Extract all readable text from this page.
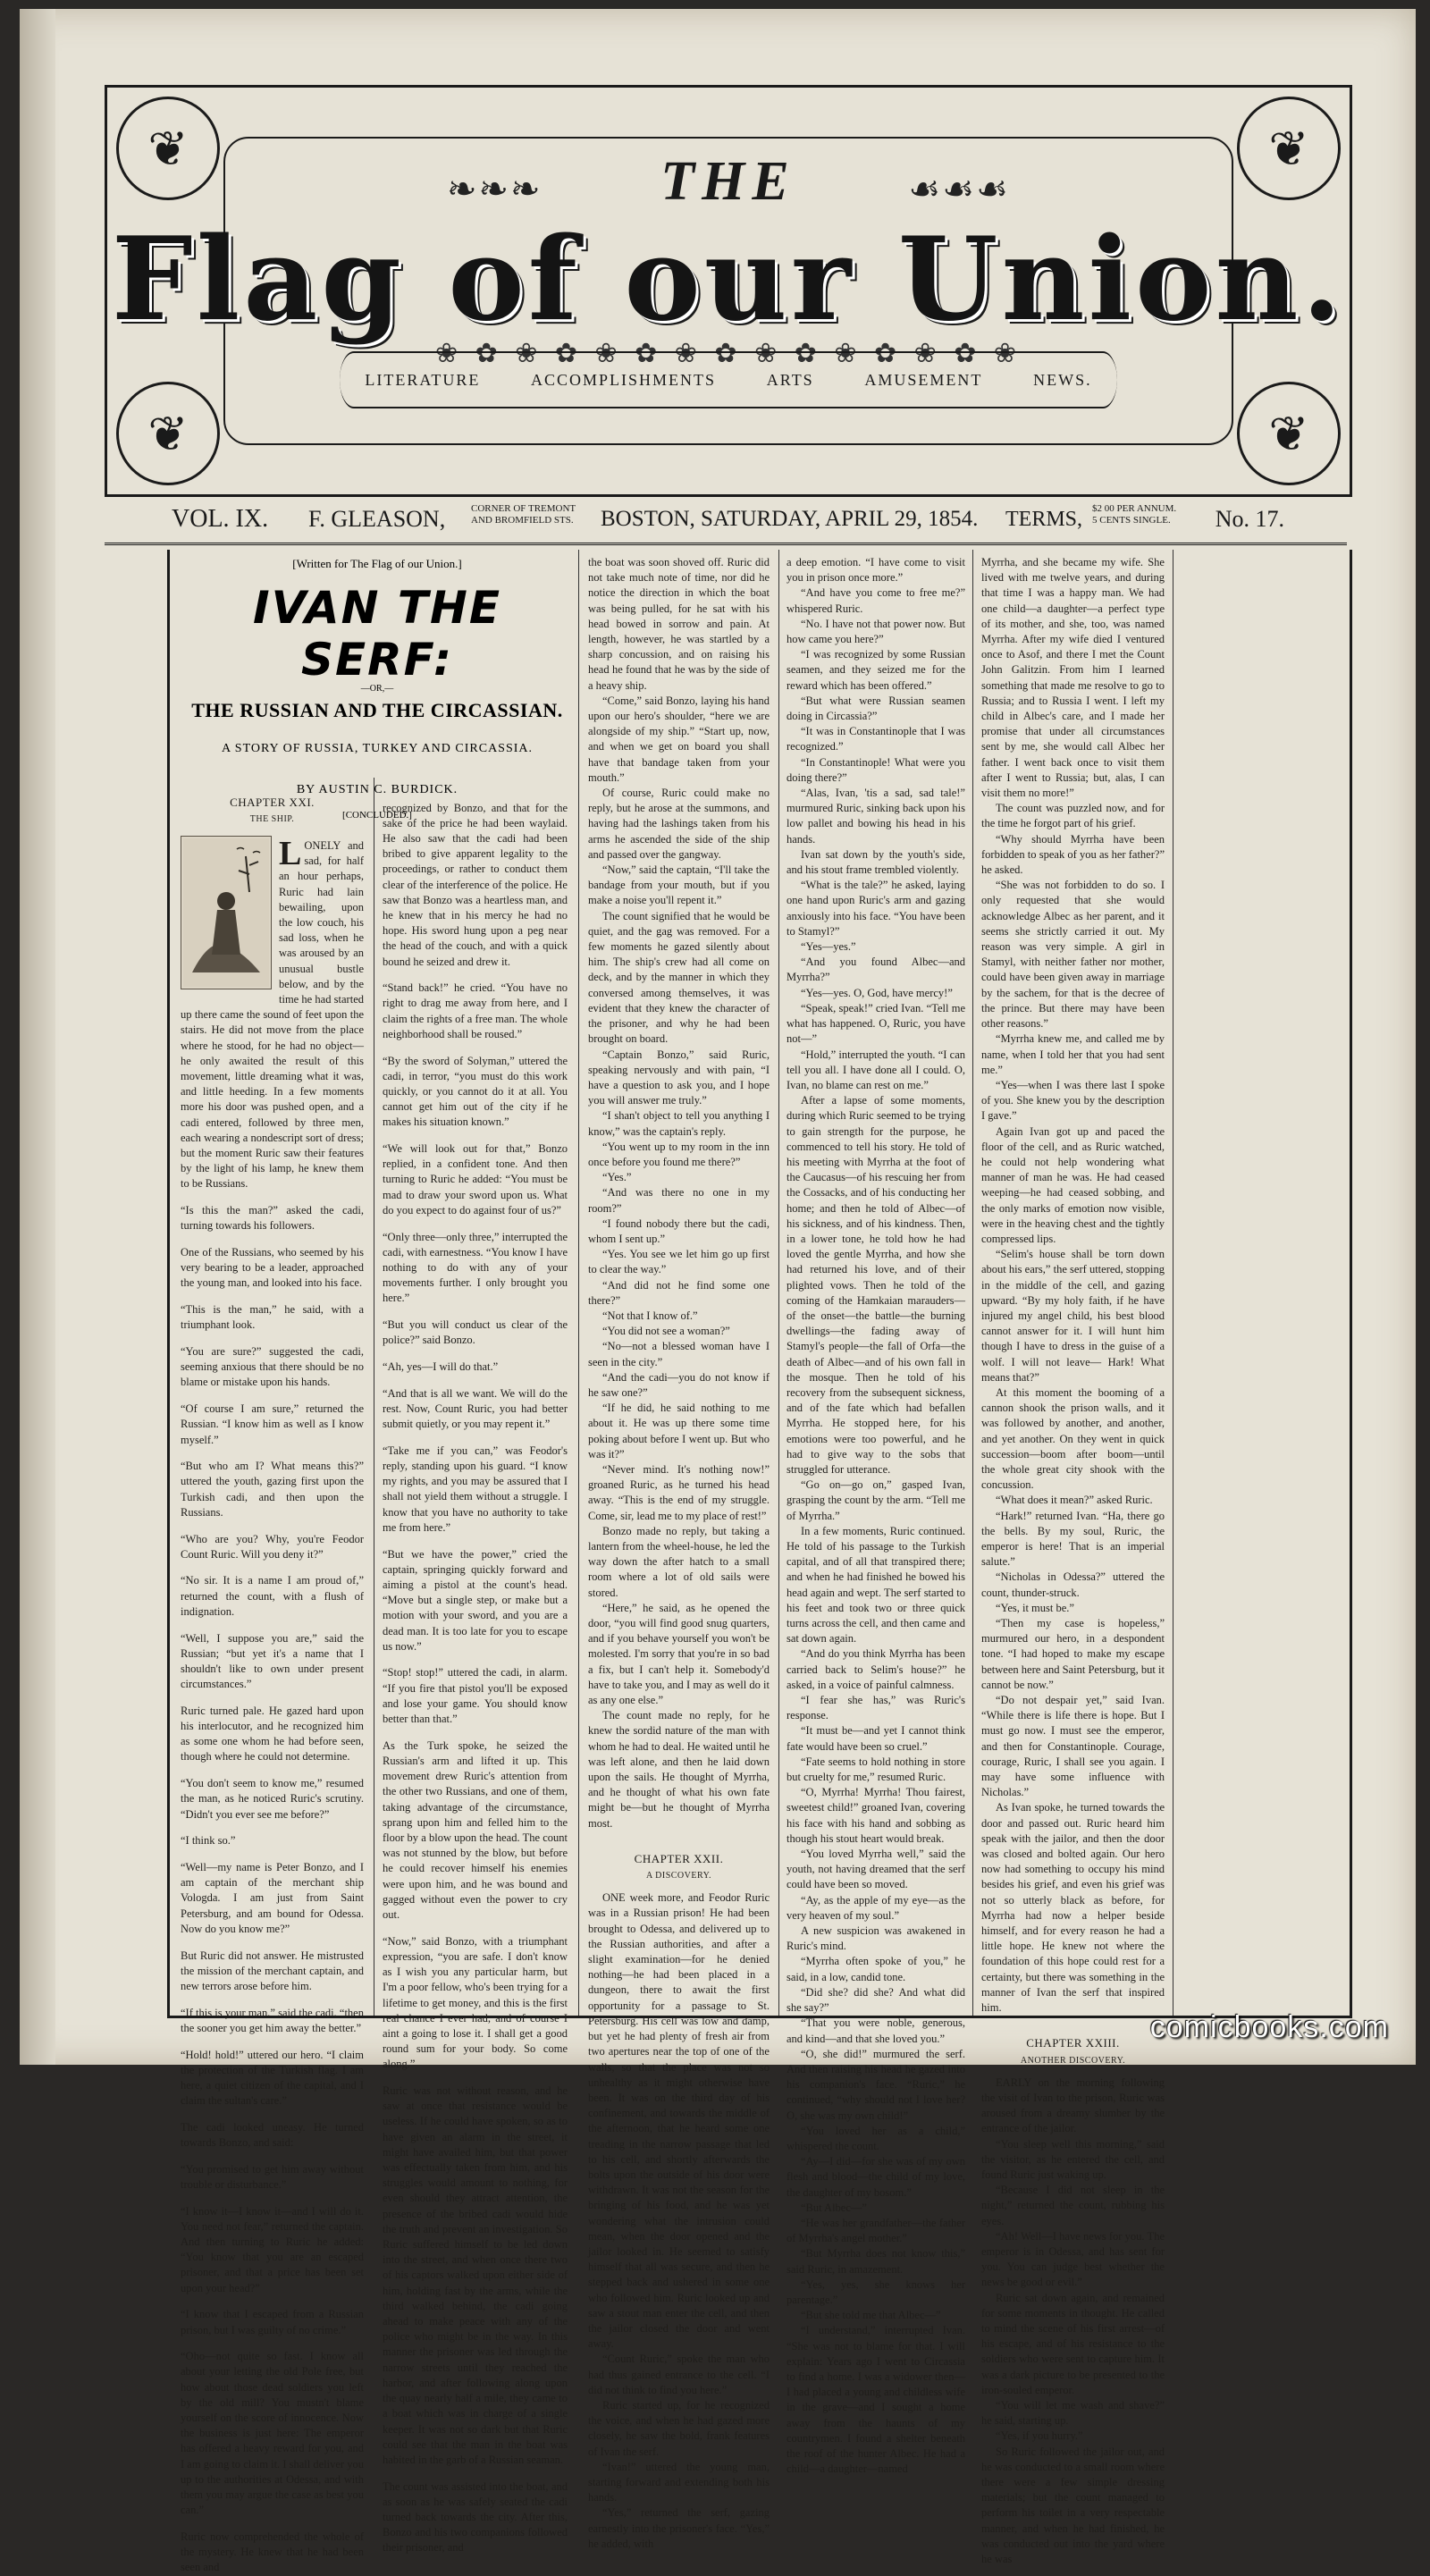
❦	❦
❦	❦
❧❧❧	☙☙☙
THE
Flag of our Union.
❀ ✿ ❀ ✿ ❀ ✿ ❀ ✿ ❀ ✿ ❀ ✿ ❀ ✿ ❀
LITERATURE	ACCOMPLISHMENTS	ARTS	AMUSEMENT	NEWS.
VOL. IX. F. GLEASON,	CORNER OF TREMONT
AND BROMFIELD STS. BOSTON, SATURDAY, APRIL 29, 1854. TERMS, $2 00 PER ANNUM.
5 CENTS SINGLE. No. 17.
[Written for The Flag of our Union.]
IVAN THE SERF:
—OR,—
THE RUSSIAN AND THE CIRCASSIAN.
A STORY OF RUSSIA, TURKEY AND CIRCASSIA.
BY AUSTIN C. BURDICK.
[CONCLUDED.]
CHAPTER XXI.
THE SHIP.

LONELY and sad, for half an hour perhaps, Ruric had lain bewailing, upon the low couch, his sad loss, when he was aroused by an unusual bustle below, and by the time he had started up there came the sound of feet upon the stairs. He did not move from the place where he stood, for he had no object—he only awaited the result of this movement, little dreaming what it was, and little heeding. In a few moments more his door was pushed open, and a cadi entered, followed by three men, each wearing a nondescript sort of dress; but the moment Ruric saw their features by the light of his lamp, he knew them to be Russians.

“Is this the man?” asked the cadi, turning towards his followers.

One of the Russians, who seemed by his very bearing to be a leader, approached the young man, and looked into his face.

“This is the man,” he said, with a triumphant look.

“You are sure?” suggested the cadi, seeming anxious that there should be no blame or mistake upon his hands.

“Of course I am sure,” returned the Russian. “I know him as well as I know myself.”

“But who am I? What means this?” uttered the youth, gazing first upon the Turkish cadi, and then upon the Russians.

“Who are you? Why, you're Feodor Count Ruric. Will you deny it?”

“No sir. It is a name I am proud of,” returned the count, with a flush of indignation.

“Well, I suppose you are,” said the Russian; “but yet it's a name that I shouldn't like to own under present circumstances.”

Ruric turned pale. He gazed hard upon his interlocutor, and he recognized him as some one whom he had before seen, though where he could not determine.

“You don't seem to know me,” resumed the man, as he noticed Ruric's scrutiny. “Didn't you ever see me before?”

“I think so.”

“Well—my name is Peter Bonzo, and I am captain of the merchant ship Vologda. I am just from Saint Petersburg, and am bound for Odessa. Now do you know me?”

But Ruric did not answer. He mistrusted the mission of the merchant captain, and new terrors arose before him.

“If this is your man,” said the cadi, “then the sooner you get him away the better.”

“Hold! hold!” uttered our hero. “I claim the protection of the Turkish flag. I am here, a quiet citizen of the capital, and I claim the sultan's care.”

The cadi looked uneasy. He turned towards Bonzo, and said:

“You promised to get him away without trouble or disturbance.”

“I know it—I know it—and I will do it. You need not fear,” returned the captain. And then turning to Ruric he added: “You know that you are an escaped prisoner, and that a price has been set upon your head?”

“I know that I escaped from a Russian prison, but I was guilty of no crime.”

“Oho—not quite so fast. I know all about your letting the old Pole free, but how about those dead soldiers you left by the old mill? You mustn't blame yourself on the score of innocence. Now the business is just here: The emperor has offered a heavy reward for you, and I am going to claim it. I shall deliver you up to the authorities at Odessa, and with them you may argue the case as best you can.”

Ruric now comprehended the whole of the mystery. He knew that he had been seen and

recognized by Bonzo, and that for the sake of the price he had been waylaid. He also saw that the cadi had been bribed to give apparent legality to the proceedings, or rather to conduct them clear of the interference of the police. He saw that Bonzo was a heartless man, and he knew that in his mercy he had no hope. His sword hung upon a peg near the head of the couch, and with a quick bound he seized and drew it.

“Stand back!” he cried. “You have no right to drag me away from here, and I claim the rights of a free man. The whole neighborhood shall be roused.”

“By the sword of Solyman,” uttered the cadi, in terror, “you must do this work quickly, or you cannot do it at all. You cannot get him out of the city if he makes his situation known.”

“We will look out for that,” Bonzo replied, in a confident tone. And then turning to Ruric he added: “You must be mad to draw your sword upon us. What do you expect to do against four of us?”

“Only three—only three,” interrupted the cadi, with earnestness. “You know I have nothing to do with any of your movements further. I only brought you here.”

“But you will conduct us clear of the police?” said Bonzo.

“Ah, yes—I will do that.”

“And that is all we want. We will do the rest. Now, Count Ruric, you had better submit quietly, or you may repent it.”

“Take me if you can,” was Feodor's reply, standing upon his guard. “I know my rights, and you may be assured that I shall not yield them without a struggle. I know that you have no authority to take me from here.”

“But we have the power,” cried the captain, springing quickly forward and aiming a pistol at the count's head. “Move but a single step, or make but a motion with your sword, and you are a dead man. It is too late for you to escape us now.”

“Stop! stop!” uttered the cadi, in alarm. “If you fire that pistol you'll be exposed and lose your game. You should know better than that.”

As the Turk spoke, he seized the Russian's arm and lifted it up. This movement drew Ruric's attention from the other two Russians, and one of them, taking advantage of the circumstance, sprang upon him and felled him to the floor by a blow upon the head. The count was not stunned by the blow, but before he could recover himself his enemies were upon him, and he was bound and gagged without even the power to cry out.

“Now,” said Bonzo, with a triumphant expression, “you are safe. I don't know as I wish you any particular harm, but I'm a poor fellow, who's been trying for a lifetime to get money, and this is the first real chance I ever had, and of course I aint a going to lose it. I shall get a good round sum for your body. So come along.”

Ruric was not without reason, and he saw at once that resistance would be useless. If he could have spoken, so as to have given an alarm in the street, it might have availed him, but that power was effectually taken from him, and his struggles would amount to nothing, for even should they attract attention, the presence of the bribed cadi would hide the truth and prevent an investigation. So Ruric suffered himself to be led down into the street, and when once there two of his captors walked upon either side of him, holding fast by the arms, while the third walked behind, the cadi going ahead to make peace with any of the police who might be in the way. In this manner the prisoner was led through the narrow streets until they reached the harbor, and after following along upon the quay nearly half a mile, they came to a boat which was in charge of a single keeper. It was not so dark but that Ruric could see that the man in the boat was habited in the garb of a Russian seaman.

The count was assisted into the boat, and as soon as he was safely seated the cadi turned back towards the city. After this, Bonzo and his two companions followed their prisoner, and

the boat was soon shoved off. Ruric did not take much note of time, nor did he notice the direction in which the boat was being pulled, for he sat with his head bowed in sorrow and pain. At length, however, he was startled by a sharp concussion, and on raising his head he found that he was by the side of a heavy ship.

“Come,” said Bonzo, laying his hand upon our hero's shoulder, “here we are alongside of my ship.” “Start up, now, and when we get on board you shall have that bandage taken from your mouth.”

Of course, Ruric could make no reply, but he arose at the summons, and having had the lashings taken from his arms he ascended the side of the ship and passed over the gangway.

“Now,” said the captain, “I'll take the bandage from your mouth, but if you make a noise you'll repent it.”

The count signified that he would be quiet, and the gag was removed. For a few moments he gazed silently about him. The ship's crew had all come on deck, and by the manner in which they conversed among themselves, it was evident that they knew the character of the prisoner, and why he had been brought on board.

“Captain Bonzo,” said Ruric, speaking nervously and with pain, “I have a question to ask you, and I hope you will answer me truly.”

“I shan't object to tell you anything I know,” was the captain's reply.

“You went up to my room in the inn once before you found me there?”

“Yes.”

“And was there no one in my room?”

“I found nobody there but the cadi, whom I sent up.”

“Yes. You see we let him go up first to clear the way.”

“And did not he find some one there?”

“Not that I know of.”

“You did not see a woman?”

“No—not a blessed woman have I seen in the city.”

“And the cadi—you do not know if he saw one?”

“If he did, he said nothing to me about it. He was up there some time poking about before I went up. But who was it?”

“Never mind. It's nothing now!” groaned Ruric, as he turned his head away. “This is the end of my struggle. Come, sir, lead me to my place of rest!”

Bonzo made no reply, but taking a lantern from the wheel-house, he led the way down the after hatch to a small room where a lot of old sails were stored.

“Here,” he said, as he opened the door, “you will find good snug quarters, and if you behave yourself you won't be molested. I'm sorry that you're in so bad a fix, but I can't help it. Somebody'd have to take you, and I may as well do it as any one else.”

The count made no reply, for he knew the sordid nature of the man with whom he had to deal. He waited until he was left alone, and then he laid down upon the sails. He thought of Myrrha, and he thought of what his own fate might be—but he thought of Myrrha most.

CHAPTER XXII.
A DISCOVERY.

ONE week more, and Feodor Ruric was in a Russian prison! He had been brought to Odessa, and delivered up to the Russian authorities, and after a slight examination—for he denied nothing—he had been placed in a dungeon, there to await the first opportunity for a passage to St. Petersburg. His cell was low and damp, but yet he had plenty of fresh air from two apertures near the top of one of the walls, so that the place was not so unhealthy as it might otherwise have been. It was on the third day of his confinement, and towards the middle of the afternoon, that he heard some one treading in the narrow passage that led to his cell, and shortly afterwards the bolts upon the outside of his door were withdrawn. It was not the season for the bringing of his food, and he was yet wondering what the intrusion could mean, when the door opened and the jailor looked in. He seemed to satisfy himself that all was secure, and then he stepped back and ushered in some one who followed him. Ruric looked up and saw a stout man enter the cell, and then the jailor closed the door and went away.

“Count Ruric,” spoke the man who had thus gained entrance to the cell. “I did not think to find you here.”

Ruric started up, for he recognized the voice, and when he had gazed more closely, he saw the bold, frank features of Ivan the serf.

“Ivan!” uttered the young man, starting forward and extending both his hands.

“Yes,” returned the serf, gazing earnestly into the prisoner's face. “Yes,” he added, with

a deep emotion. “I have come to visit you in prison once more.”

“And have you come to free me?” whispered Ruric.

“No. I have not that power now. But how came you here?”

“I was recognized by some Russian seamen, and they seized me for the reward which has been offered.”

“But what were Russian seamen doing in Circassia?”

“It was in Constantinople that I was recognized.”

“In Constantinople! What were you doing there?”

“Alas, Ivan, 'tis a sad, sad tale!” murmured Ruric, sinking back upon his low pallet and bowing his head in his hands.

Ivan sat down by the youth's side, and his stout frame trembled violently.

“What is the tale?” he asked, laying one hand upon Ruric's arm and gazing anxiously into his face. “You have been to Stamyl?”

“Yes—yes.”

“And you found Albec—and Myrrha?”

“Yes—yes. O, God, have mercy!”

“Speak, speak!” cried Ivan. “Tell me what has happened. O, Ruric, you have not—”

“Hold,” interrupted the youth. “I can tell you all. I have done all I could. O, Ivan, no blame can rest on me.”

After a lapse of some moments, during which Ruric seemed to be trying to gain strength for the purpose, he commenced to tell his story. He told of his meeting with Myrrha at the foot of the Caucasus—of his rescuing her from the Cossacks, and of his conducting her home; and then he told of Albec—of his sickness, and of his kindness. Then, in a lower tone, he told how he had loved the gentle Myrrha, and how she had returned his love, and of their plighted vows. Then he told of the coming of the Hamkaian marauders—of the onset—the battle—the burning dwellings—the fading away of Stamyl's people—the fall of Orfa—the death of Albec—and of his own fall in the mosque. Then he told of his recovery from the subsequent sickness, and of the fate which had befallen Myrrha. He stopped here, for his emotions were too powerful, and he had to give way to the sobs that struggled for utterance.

“Go on—go on,” gasped Ivan, grasping the count by the arm. “Tell me of Myrrha.”

In a few moments, Ruric continued. He told of his passage to the Turkish capital, and of all that transpired there; and when he had finished he bowed his head again and wept. The serf started to his feet and took two or three quick turns across the cell, and then came and sat down again.

“And do you think Myrrha has been carried back to Selim's house?” he asked, in a voice of painful calmness.

“I fear she has,” was Ruric's response.

“It must be—and yet I cannot think fate would have been so cruel.”

“Fate seems to hold nothing in store but cruelty for me,” resumed Ruric.

“O, Myrrha! Myrrha! Thou fairest, sweetest child!” groaned Ivan, covering his face with his hand and sobbing as though his stout heart would break.

“You loved Myrrha well,” said the youth, not having dreamed that the serf could have been so moved.

“Ay, as the apple of my eye—as the very heaven of my soul.”

A new suspicion was awakened in Ruric's mind.

“Myrrha often spoke of you,” he said, in a low, candid tone.

“Did she? did she? And what did she say?”

“That you were noble, generous, and kind—and that she loved you.”

“O, she did!” murmured the serf. And then raising his head he gazed into his companion's face. “Ruric,” he continued, “why should not I love her? O, she was my own child!”

“You loved her as a child,” whispered the count.

“Ay—I did—for she was of my own flesh and blood—the child of my love, the daughter of my bosom.”

“But Albec—”

“He was her grandfather—the father of Myrrha's angel mother.”

“But Myrrha does not know this,” said Ruric, in amazement.

“Yes, yes, she knows her parentage.”

“But she told me that Albec—”

“I understand,” interrupted Ivan. “She was not to blame for that. I will explain: Years ago I went to Circassia to find a home. I was a widower then—I had placed a young and childless wife in the grave—and I sought a home away from the haunts of my countrymen. I found a shelter beneath the roof of the hunter Albec. He had a child—a daughter—named

Myrrha, and she became my wife. She lived with me twelve years, and during that time I was a happy man. We had one child—a daughter—a perfect type of its mother, and she, too, was named Myrrha. After my wife died I ventured once to Asof, and there I met the Count John Galitzin. From him I learned something that made me resolve to go to Russia; and to Russia I went. I left my child in Albec's care, and I made her promise that under all circumstances sent by me, she would call Albec her father. I went back once to visit them after I went to Russia; but, alas, I can visit them no more!”

The count was puzzled now, and for the time he forgot part of his grief.

“Why should Myrrha have been forbidden to speak of you as her father?” he asked.

“She was not forbidden to do so. I only requested that she would acknowledge Albec as her parent, and it seems she strictly carried it out. My reason was very simple. A girl in Stamyl, with neither father nor mother, could have been given away in marriage by the sachem, for that is the decree of the prince. But there may have been other reasons.”

“Myrrha knew me, and called me by name, when I told her that you had sent me.”

“Yes—when I was there last I spoke of you. She knew you by the description I gave.”

Again Ivan got up and paced the floor of the cell, and as Ruric watched, he could not help wondering what manner of man he was. He had ceased weeping—he had ceased sobbing, and the only marks of emotion now visible, were in the heaving chest and the tightly compressed lips.

“Selim's house shall be torn down about his ears,” the serf uttered, stopping in the middle of the cell, and gazing upward. “By my holy faith, if he have injured my angel child, his best blood cannot answer for it. I will hunt him though I have to dress in the guise of a wolf. I will not leave— Hark! What means that?”

At this moment the booming of a cannon shook the prison walls, and it was followed by another, and another, and yet another. On they went in quick succession—boom after boom—until the whole great city shook with the concussion.

“What does it mean?” asked Ruric.

“Hark!” returned Ivan. “Ha, there go the bells. By my soul, Ruric, the emperor is here! That is an imperial salute.”

“Nicholas in Odessa?” uttered the count, thunder-struck.

“Yes, it must be.”

“Then my case is hopeless,” murmured our hero, in a despondent tone. “I had hoped to make my escape between here and Saint Petersburg, but it cannot be now.”

“Do not despair yet,” said Ivan. “While there is life there is hope. But I must go now. I must see the emperor, and then for Constantinople. Courage, courage, Ruric, I shall see you again. I may have some influence with Nicholas.”

As Ivan spoke, he turned towards the door and passed out. Ruric heard him speak with the jailor, and then the door was closed and bolted again. Our hero now had something to occupy his mind besides his grief, and even his grief was not so utterly black as before, for Myrrha had now a helper beside himself, and for every reason he had a little hope. He knew not where the foundation of this hope could rest for a certainty, but there was something in the manner of Ivan the serf that inspired him.

CHAPTER XXIII.
ANOTHER DISCOVERY.

EARLY on the morning following the visit of Ivan to the prison, Ruric was aroused from a dreamy slumber by the entrance of the jailor.

“You sleep well this morning,” said the visitor, as he entered the cell, and found Ruric just waking up.

“Because I did not sleep in the night,” returned the count, rubbing his eyes.

“Ah! Well—I have news for you. The emperor is in Odessa, and has sent for you. You can judge best whether the news be good or evil.”

Ruric sat down again, and remained for some moments in thought. He called to mind the scene of his first arrest—of his escape, and of his resistance to the soldiers who were sent to capture him. It was a dark picture to be presented to the iron-souled emperor.

“You will let me wash and shave?” he said, starting up.

“Yes, if you hurry.”

So Ruric followed the jailor out, and he was conducted to a small room where there were a few simple dressing materials; but the count managed to perform his toilet in a very respectable manner, and when he had finished, he was conducted out into the yard where he was

comicbooks.com
